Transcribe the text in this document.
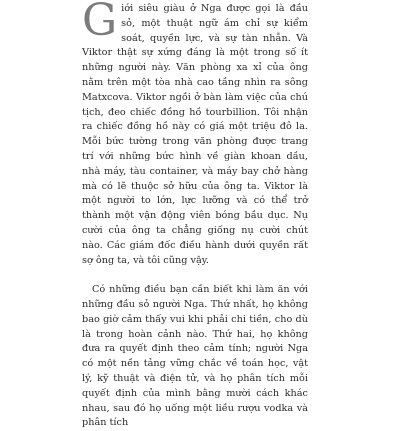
Giới siêu giàu ở Nga được gọi là đầu sỏ, một thuật ngữ ám chỉ sự kiểm soát, quyền lực, và sự tàn nhẫn. Và Viktor thật sự xứng đáng là một trong số ít những người này. Văn phòng xa xỉ của ông nằm trên một tòa nhà cao tầng nhìn ra sông Matxcova. Viktor ngồi ở bàn làm việc của chú tịch, đeo chiếc đồng hồ tourbillion. Tôi nhận ra chiếc đồng hồ này có giá một triệu đô la. Mỗi bức tường trong văn phòng được trang trí với những bức hình về giàn khoan dầu, nhà máy, tàu container, và máy bay chở hàng mà có lẽ thuộc sở hữu của ông ta. Viktor là một người to lớn, lực lưỡng và có thể trở thành một vận động viên bóng bầu dục. Nụ cười của ông ta chẳng giống nụ cười chút nào. Các giám đốc điều hành dưới quyền rất sợ ông ta, và tôi cũng vậy.

Có những điều bạn cần biết khi làm ăn với những đầu sỏ người Nga. Thứ nhất, họ không bao giờ cảm thấy vui khi phải chi tiền, cho dù là trong hoàn cảnh nào. Thứ hai, họ không đưa ra quyết định theo cảm tính; người Nga có một nền tảng vững chắc về toán học, vật lý, kỹ thuật và điện tử, và họ phân tích mỗi quyết định của mình bằng mười cách khác nhau, sau đó họ uống một liều rượu vodka và phân tích
